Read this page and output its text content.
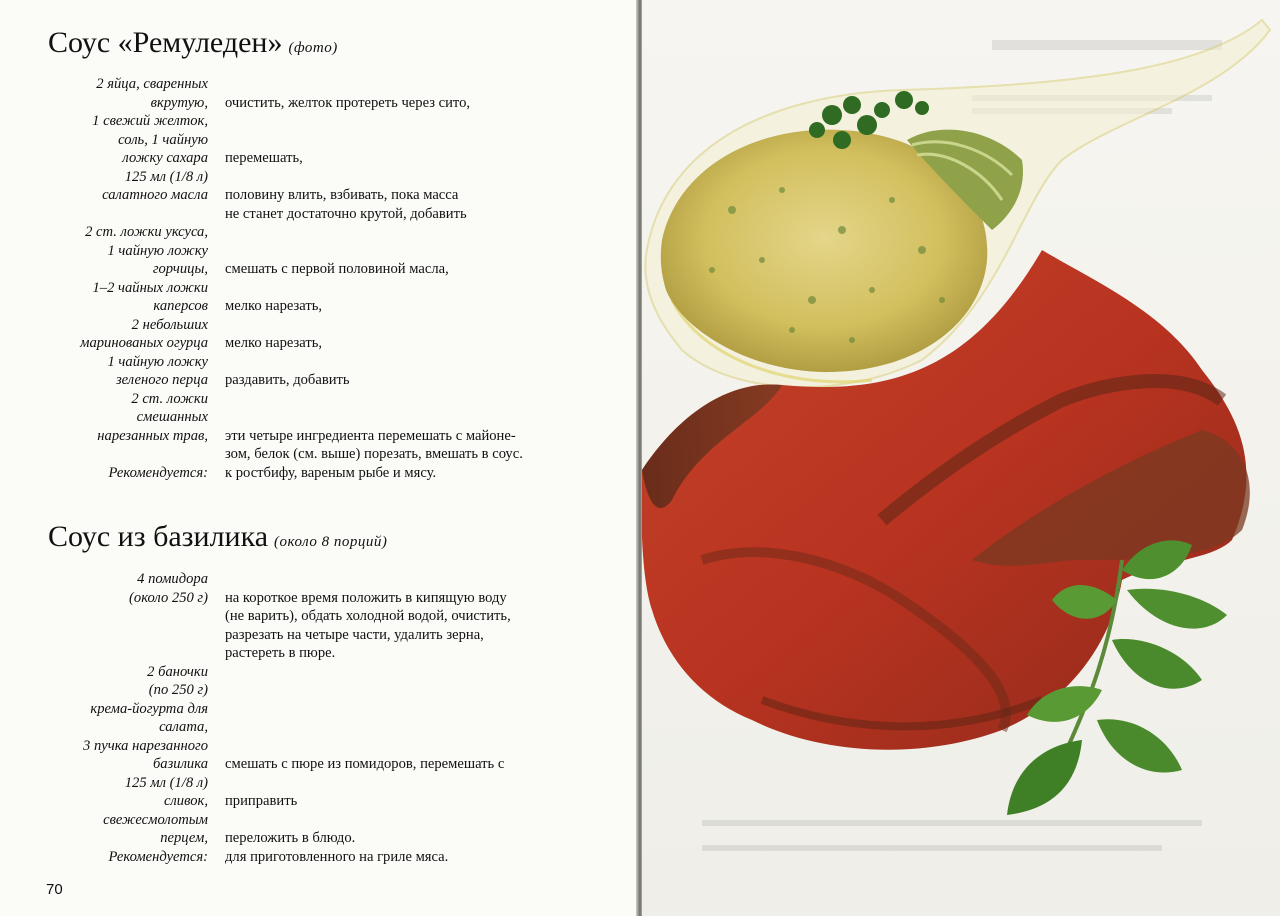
Соус «Ремуледен» (фото)
2 яйца, сваренных
вкрутую,	очистить, желток протереть через сито,
1 свежий желток,
соль, 1 чайную
ложку сахара	перемешать,
125 мл (1/8 л)
салатного масла	половину влить, взбивать, пока масса
не станет достаточно крутой, добавить
2 ст. ложки уксуса,
1 чайную ложку
горчицы,	смешать с первой половиной масла,
1–2 чайных ложки
каперсов	мелко нарезать,
2 небольших
маринованых огурца	мелко нарезать,
1 чайную ложку
зеленого перца	раздавить, добавить
2 ст. ложки
смешанных
нарезанных трав,	эти четыре ингредиента перемешать с майоне-
зом, белок (см. выше) порезать, вмешать в соус.
Рекомендуется:	к ростбифу, вареным рыбе и мясу.
Соус из базилика (около 8 порций)
4 помидора
(около 250 г)	на короткое время положить в кипящую воду
(не варить), обдать холодной водой, очистить,
разрезать на четыре части, удалить зерна,
растереть в пюре.
2 баночки
(по 250 г)
крема-йогурта для
салата,
3 пучка нарезанного
базилика	смешать с пюре из помидоров, перемешать с
125 мл (1/8 л)
сливок,	приправить
свежесмолотым
перцем,	переложить в блюдо.
Рекомендуется:	для приготовленного на гриле мяса.
70
